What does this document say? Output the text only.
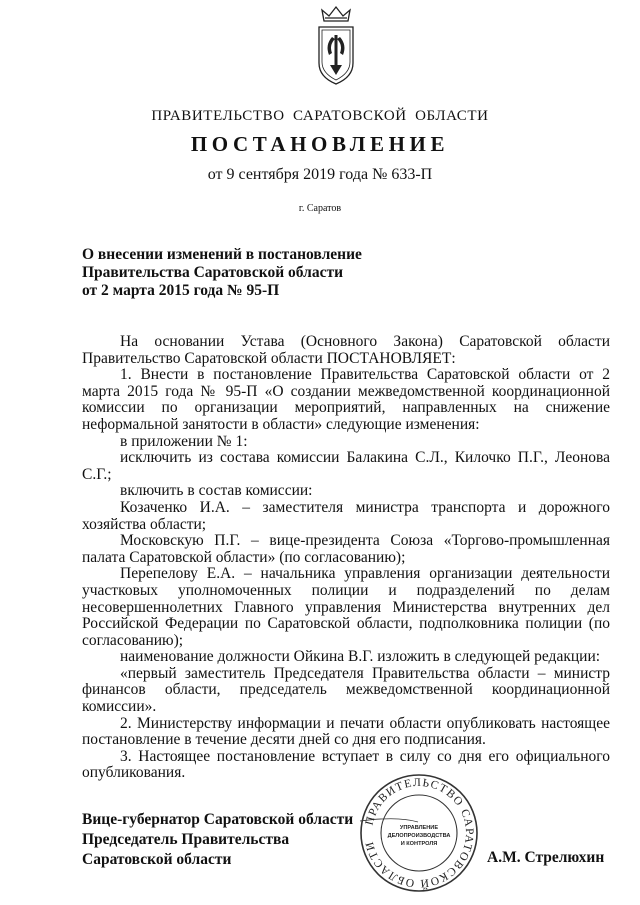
ПРАВИТЕЛЬСТВО САРАТОВСКОЙ ОБЛАСТИ
ПОСТАНОВЛЕНИЕ
от 9 сентября 2019 года № 633-П
г. Саратов
О внесении изменений в постановление
Правительства Саратовской области
от 2 марта 2015 года № 95-П

На основании Устава (Основного Закона) Саратовской области Правительство Саратовской области ПОСТАНОВЛЯЕТ:

1. Внести в постановление Правительства Саратовской области от 2 марта 2015 года № 95-П «О создании межведомственной координационной комиссии по организации мероприятий, направленных на снижение неформальной занятости в области» следующие изменения:

в приложении № 1:

исключить из состава комиссии Балакина С.Л., Килочко П.Г., Леонова С.Г.;

включить в состав комиссии:

Козаченко И.А. – заместителя министра транспорта и дорожного хозяйства области;

Московскую П.Г. – вице-президента Союза «Торгово-промышленная палата Саратовской области» (по согласованию);

Перепелову Е.А. – начальника управления организации деятельности участковых уполномоченных полиции и подразделений по делам несовершеннолетних Главного управления Министерства внутренних дел Российской Федерации по Саратовской области, подполковника полиции (по согласованию);

наименование должности Ойкина В.Г. изложить в следующей редакции:

«первый заместитель Председателя Правительства области – министр финансов области, председатель межведомственной координационной комиссии».

2. Министерству информации и печати области опубликовать настоящее постановление в течение десяти дней со дня его подписания.

3. Настоящее постановление вступает в силу со дня его официального опубликования.

Вице-губернатор Саратовской области
Председатель Правительства
Саратовской области
ПРАВИТЕЛЬСТВО САРАТОВСКОЙ ОБЛАСТИ
УПРАВЛЕНИЕ
ДЕЛОПРОИЗВОДСТВА
И КОНТРОЛЯ
А.М. Стрелюхин
